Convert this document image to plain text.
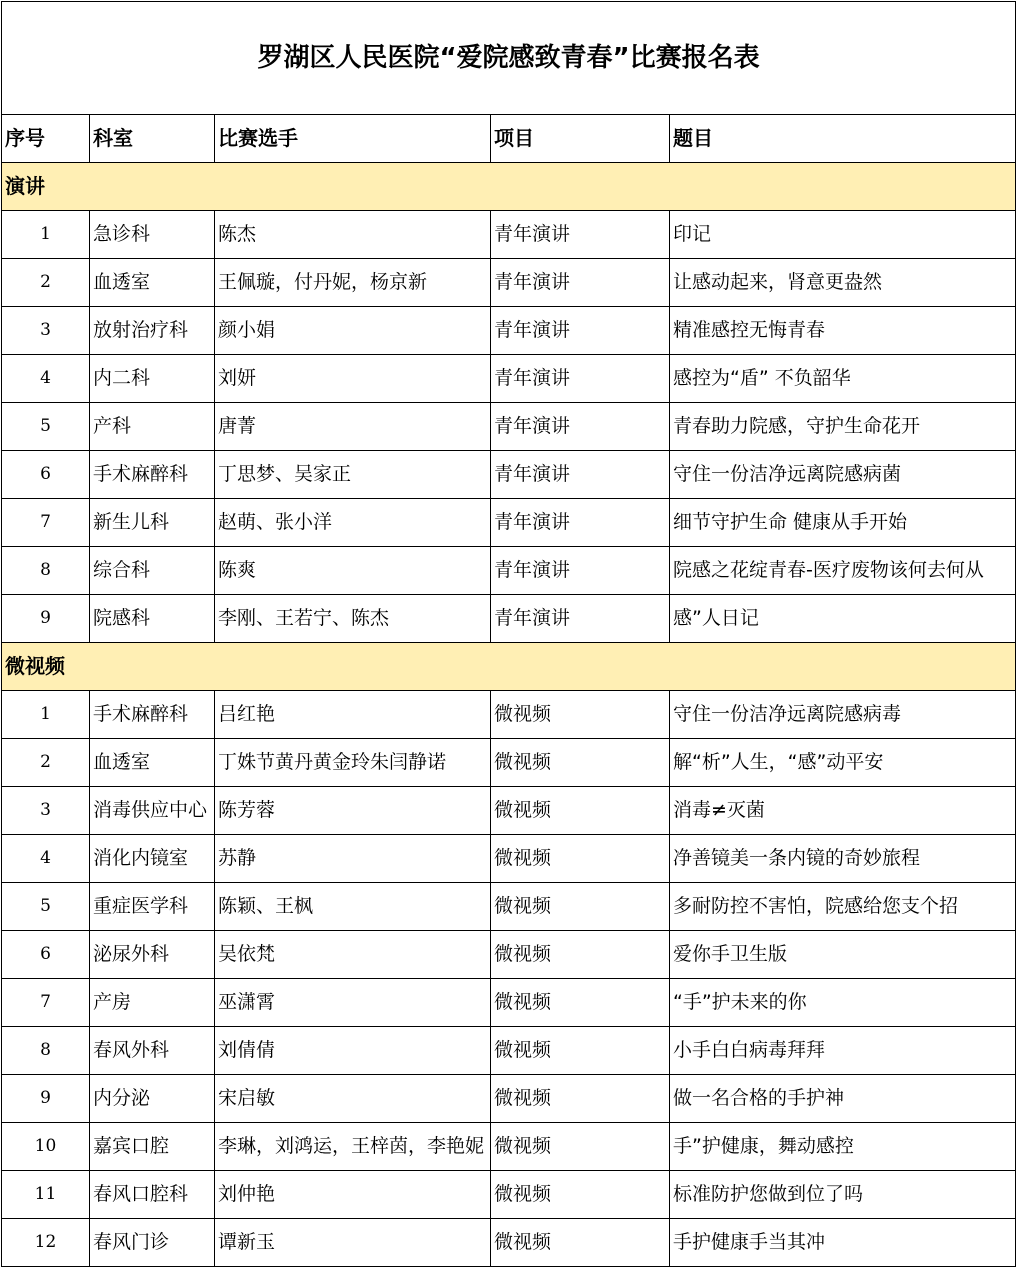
罗湖区人民医院“爱院感致青春”比赛报名表				
序号	科室	比赛选手	项目	题目
演讲				
1	急诊科	陈杰	青年演讲	印记
2	血透室	王佩璇，付丹妮，杨京新	青年演讲	让感动起来，肾意更盎然
3	放射治疗科	颜小娟	青年演讲	精准感控无悔青春
4	内二科	刘妍	青年演讲	感控为“盾” 不负韶华
5	产科	唐菁	青年演讲	青春助力院感，守护生命花开
6	手术麻醉科	丁思梦、吴家正	青年演讲	守住一份洁净远离院感病菌
7	新生儿科	赵萌、张小洋	青年演讲	细节守护生命 健康从手开始
8	综合科	陈爽	青年演讲	院感之花绽青春-医疗废物该何去何从
9	院感科	李刚、王若宁、陈杰	青年演讲	感”人日记
微视频				
1	手术麻醉科	吕红艳	微视频	守住一份洁净远离院感病毒
2	血透室	丁姝节黄丹黄金玲朱闫静诺	微视频	解“析”人生，“感”动平安
3	消毒供应中心	陈芳蓉	微视频	消毒≠灭菌
4	消化内镜室	苏静	微视频	净善镜美一条内镜的奇妙旅程
5	重症医学科	陈颖、王枫	微视频	多耐防控不害怕，院感给您支个招
6	泌尿外科	吴依梵	微视频	爱你手卫生版
7	产房	巫潇霄	微视频	“手”护未来的你
8	春风外科	刘倩倩	微视频	小手白白病毒拜拜
9	内分泌	宋启敏	微视频	做一名合格的手护神
10	嘉宾口腔	李琳，刘鸿运，王梓茵，李艳妮	微视频	手”护健康，舞动感控
11	春风口腔科	刘仲艳	微视频	标准防护您做到位了吗
12	春风门诊	谭新玉	微视频	手护健康手当其冲
